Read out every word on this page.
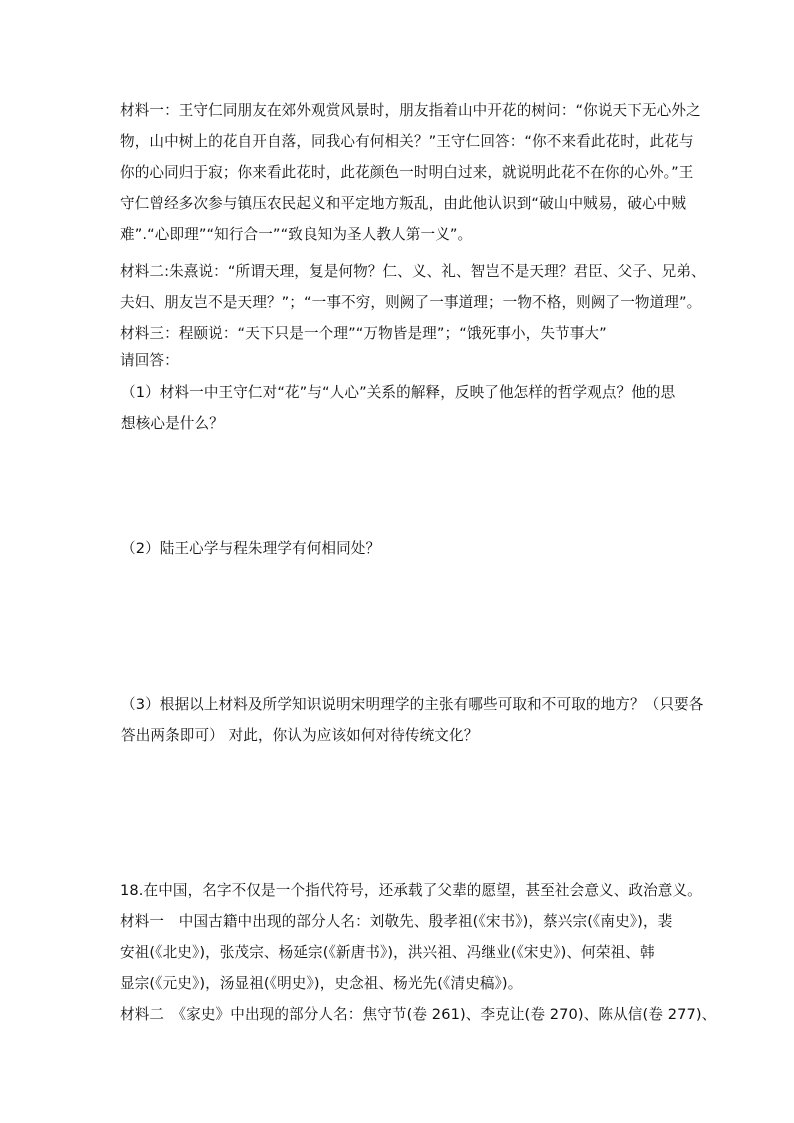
材料一：王守仁同朋友在郊外观赏风景时，朋友指着山中开花的树问：“你说天下无心外之
物，山中树上的花自开自落，同我心有何相关？”王守仁回答：“你不来看此花时，此花与
你的心同归于寂；你来看此花时，此花颜色一时明白过来，就说明此花不在你的心外。”王
守仁曾经多次参与镇压农民起义和平定地方叛乱，由此他认识到“破山中贼易，破心中贼
难”.“心即理”“知行合一”“致良知为圣人教人第一义”。
材料二:朱熹说：“所谓天理，复是何物？仁、义、礼、智岂不是天理？君臣、父子、兄弟、
夫妇、朋友岂不是天理？”；“一事不穷，则阙了一事道理；一物不格，则阙了一物道理”。
材料三：程颐说：“天下只是一个理”“万物皆是理”；“饿死事小，失节事大”
请回答：
（1）材料一中王守仁对“花”与“人心”关系的解释，反映了他怎样的哲学观点？他的思
想核心是什么？
（2）陆王心学与程朱理学有何相同处？
（3）根据以上材料及所学知识说明宋明理学的主张有哪些可取和不可取的地方？（只要各
答出两条即可） 对此，你认为应该如何对待传统文化？
18.在中国，名字不仅是一个指代符号，还承载了父辈的愿望，甚至社会意义、政治意义。
材料一　中国古籍中出现的部分人名：刘敬先、殷孝祖(《宋书》)，蔡兴宗(《南史》)，裴
安祖(《北史》)，张茂宗、杨延宗(《新唐书》)，洪兴祖、冯继业(《宋史》)、何荣祖、韩
显宗(《元史》)，汤显祖(《明史》)，史念祖、杨光先(《清史稿》)。
材料二　《家史》中出现的部分人名：焦守节(卷 261)、李克让(卷 270)、陈从信(卷 277)、
